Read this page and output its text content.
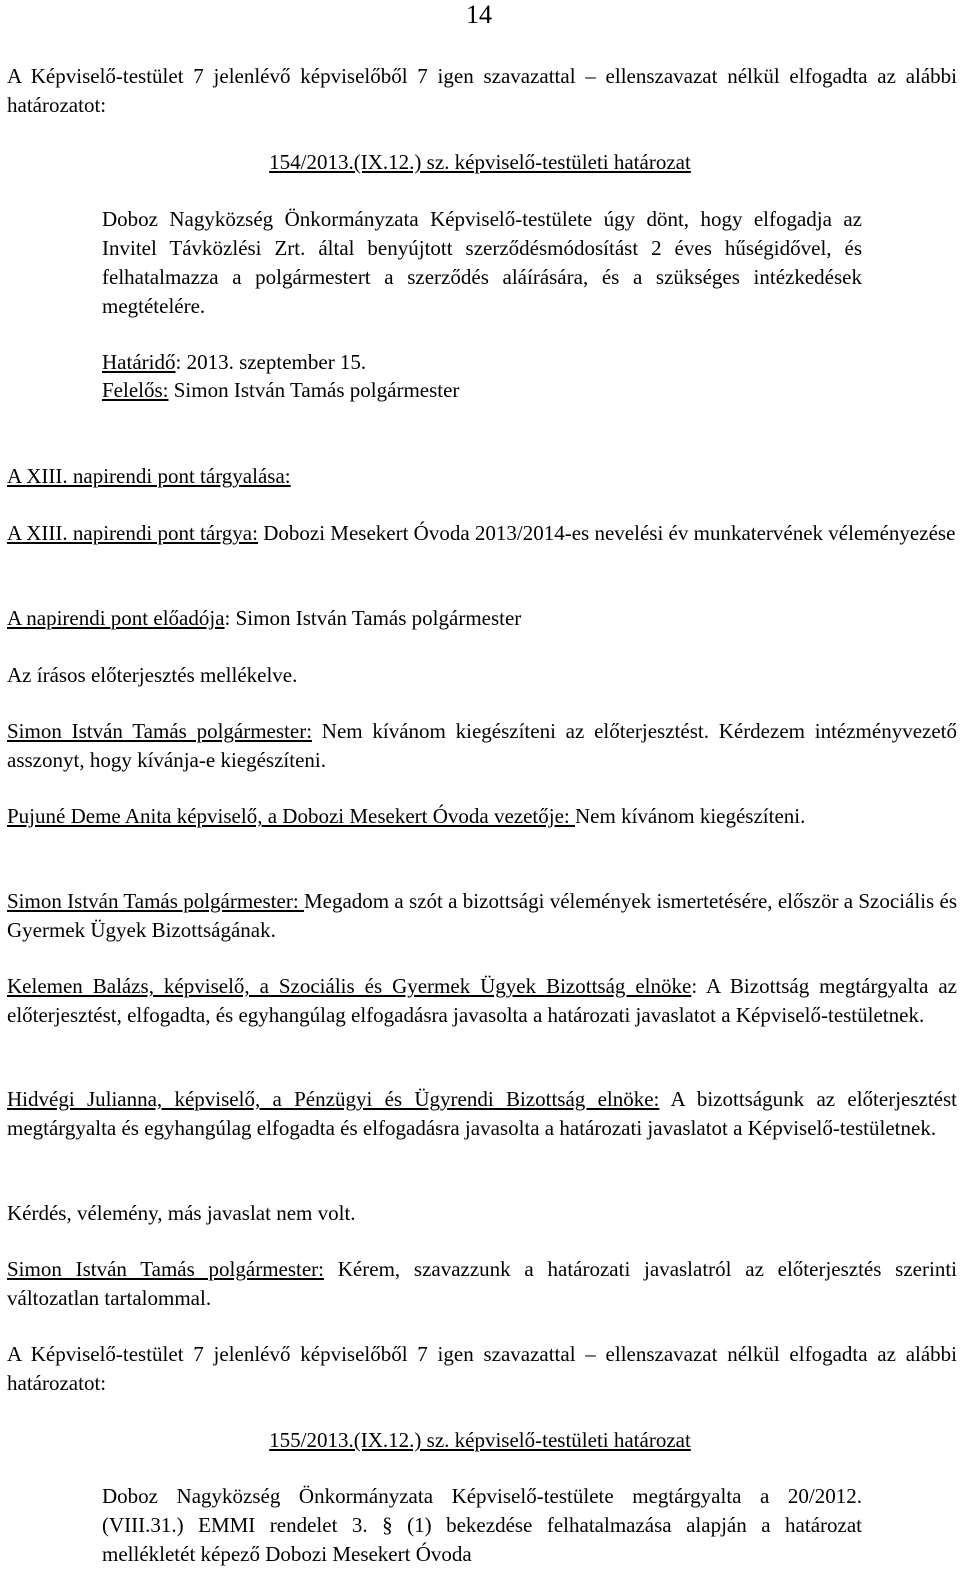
14

A Képviselő-testület 7 jelenlévő képviselőből 7 igen szavazattal – ellenszavazat nélkül elfogadta az alábbi határozatot:

154/2013.(IX.12.) sz. képviselő-testületi határozat

Doboz Nagyközség Önkormányzata Képviselő-testülete úgy dönt, hogy elfogadja az Invitel Távközlési Zrt. által benyújtott szerződésmódosítást 2 éves hűségidővel, és felhatalmazza a polgármestert a szerződés aláírására, és a szükséges intézkedések megtételére.

Határidő: 2013. szeptember 15.

Felelős: Simon István Tamás polgármester

A XIII. napirendi pont tárgyalása:

A XIII. napirendi pont tárgya: Dobozi Mesekert Óvoda 2013/2014-es nevelési év munkatervének véleményezése

A napirendi pont előadója: Simon István Tamás polgármester

Az írásos előterjesztés mellékelve.

Simon István Tamás polgármester: Nem kívánom kiegészíteni az előterjesztést. Kérdezem intézményvezető asszonyt, hogy kívánja-e kiegészíteni.

Pujuné Deme Anita képviselő, a Dobozi Mesekert Óvoda vezetője: Nem kívánom kiegészíteni.

Simon István Tamás polgármester: Megadom a szót a bizottsági vélemények ismertetésére, először a Szociális és Gyermek Ügyek Bizottságának.

Kelemen Balázs, képviselő, a Szociális és Gyermek Ügyek Bizottság elnöke: A Bizottság megtárgyalta az előterjesztést, elfogadta, és egyhangúlag elfogadásra javasolta a határozati javaslatot a Képviselő-testületnek.

Hidvégi Julianna, képviselő, a Pénzügyi és Ügyrendi Bizottság elnöke: A bizottságunk az előterjesztést megtárgyalta és egyhangúlag elfogadta és elfogadásra javasolta a határozati javaslatot a Képviselő-testületnek.

Kérdés, vélemény, más javaslat nem volt.

Simon István Tamás polgármester: Kérem, szavazzunk a határozati javaslatról az előterjesztés szerinti változatlan tartalommal.

A Képviselő-testület 7 jelenlévő képviselőből 7 igen szavazattal – ellenszavazat nélkül elfogadta az alábbi határozatot:

155/2013.(IX.12.) sz. képviselő-testületi határozat

Doboz Nagyközség Önkormányzata Képviselő-testülete megtárgyalta a 20/2012. (VIII.31.) EMMI rendelet 3. § (1) bekezdése felhatalmazása alapján a határozat mellékletét képező Dobozi Mesekert Óvoda
